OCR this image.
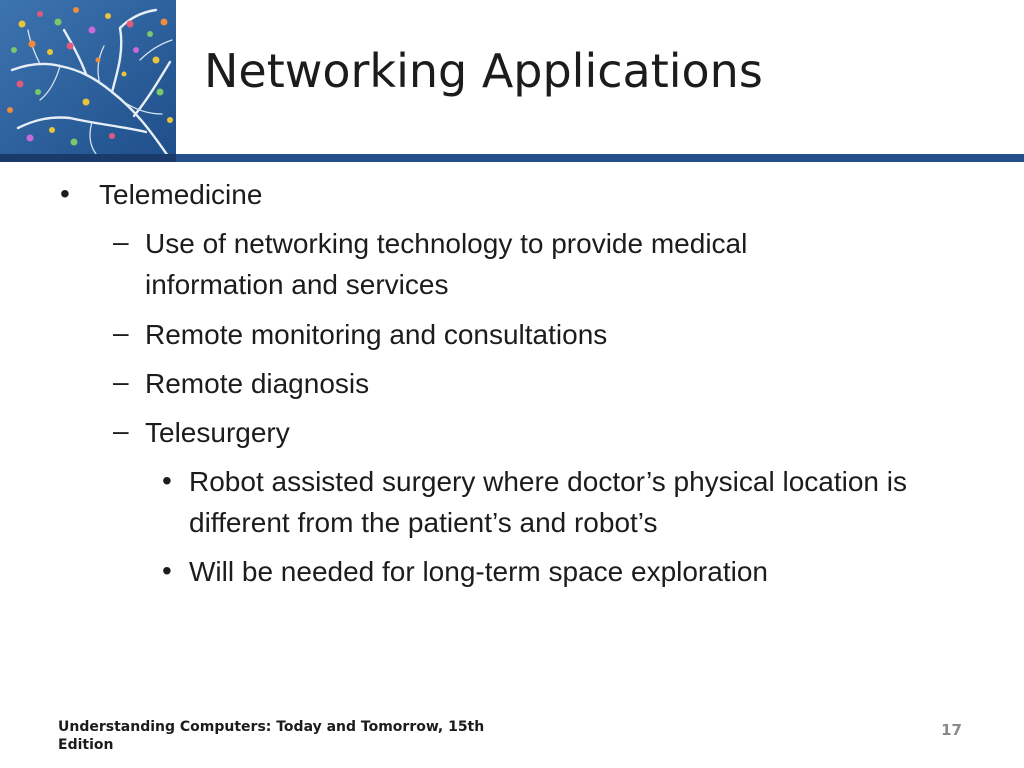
Networking Applications
• Telemedicine
– Use of networking technology to provide medical information and services
– Remote monitoring and consultations
– Remote diagnosis
– Telesurgery
• Robot assisted surgery where doctor’s physical location is different from the patient’s and robot’s
• Will be needed for long-term space exploration
Understanding Computers: Today and Tomorrow, 15th Edition
17
